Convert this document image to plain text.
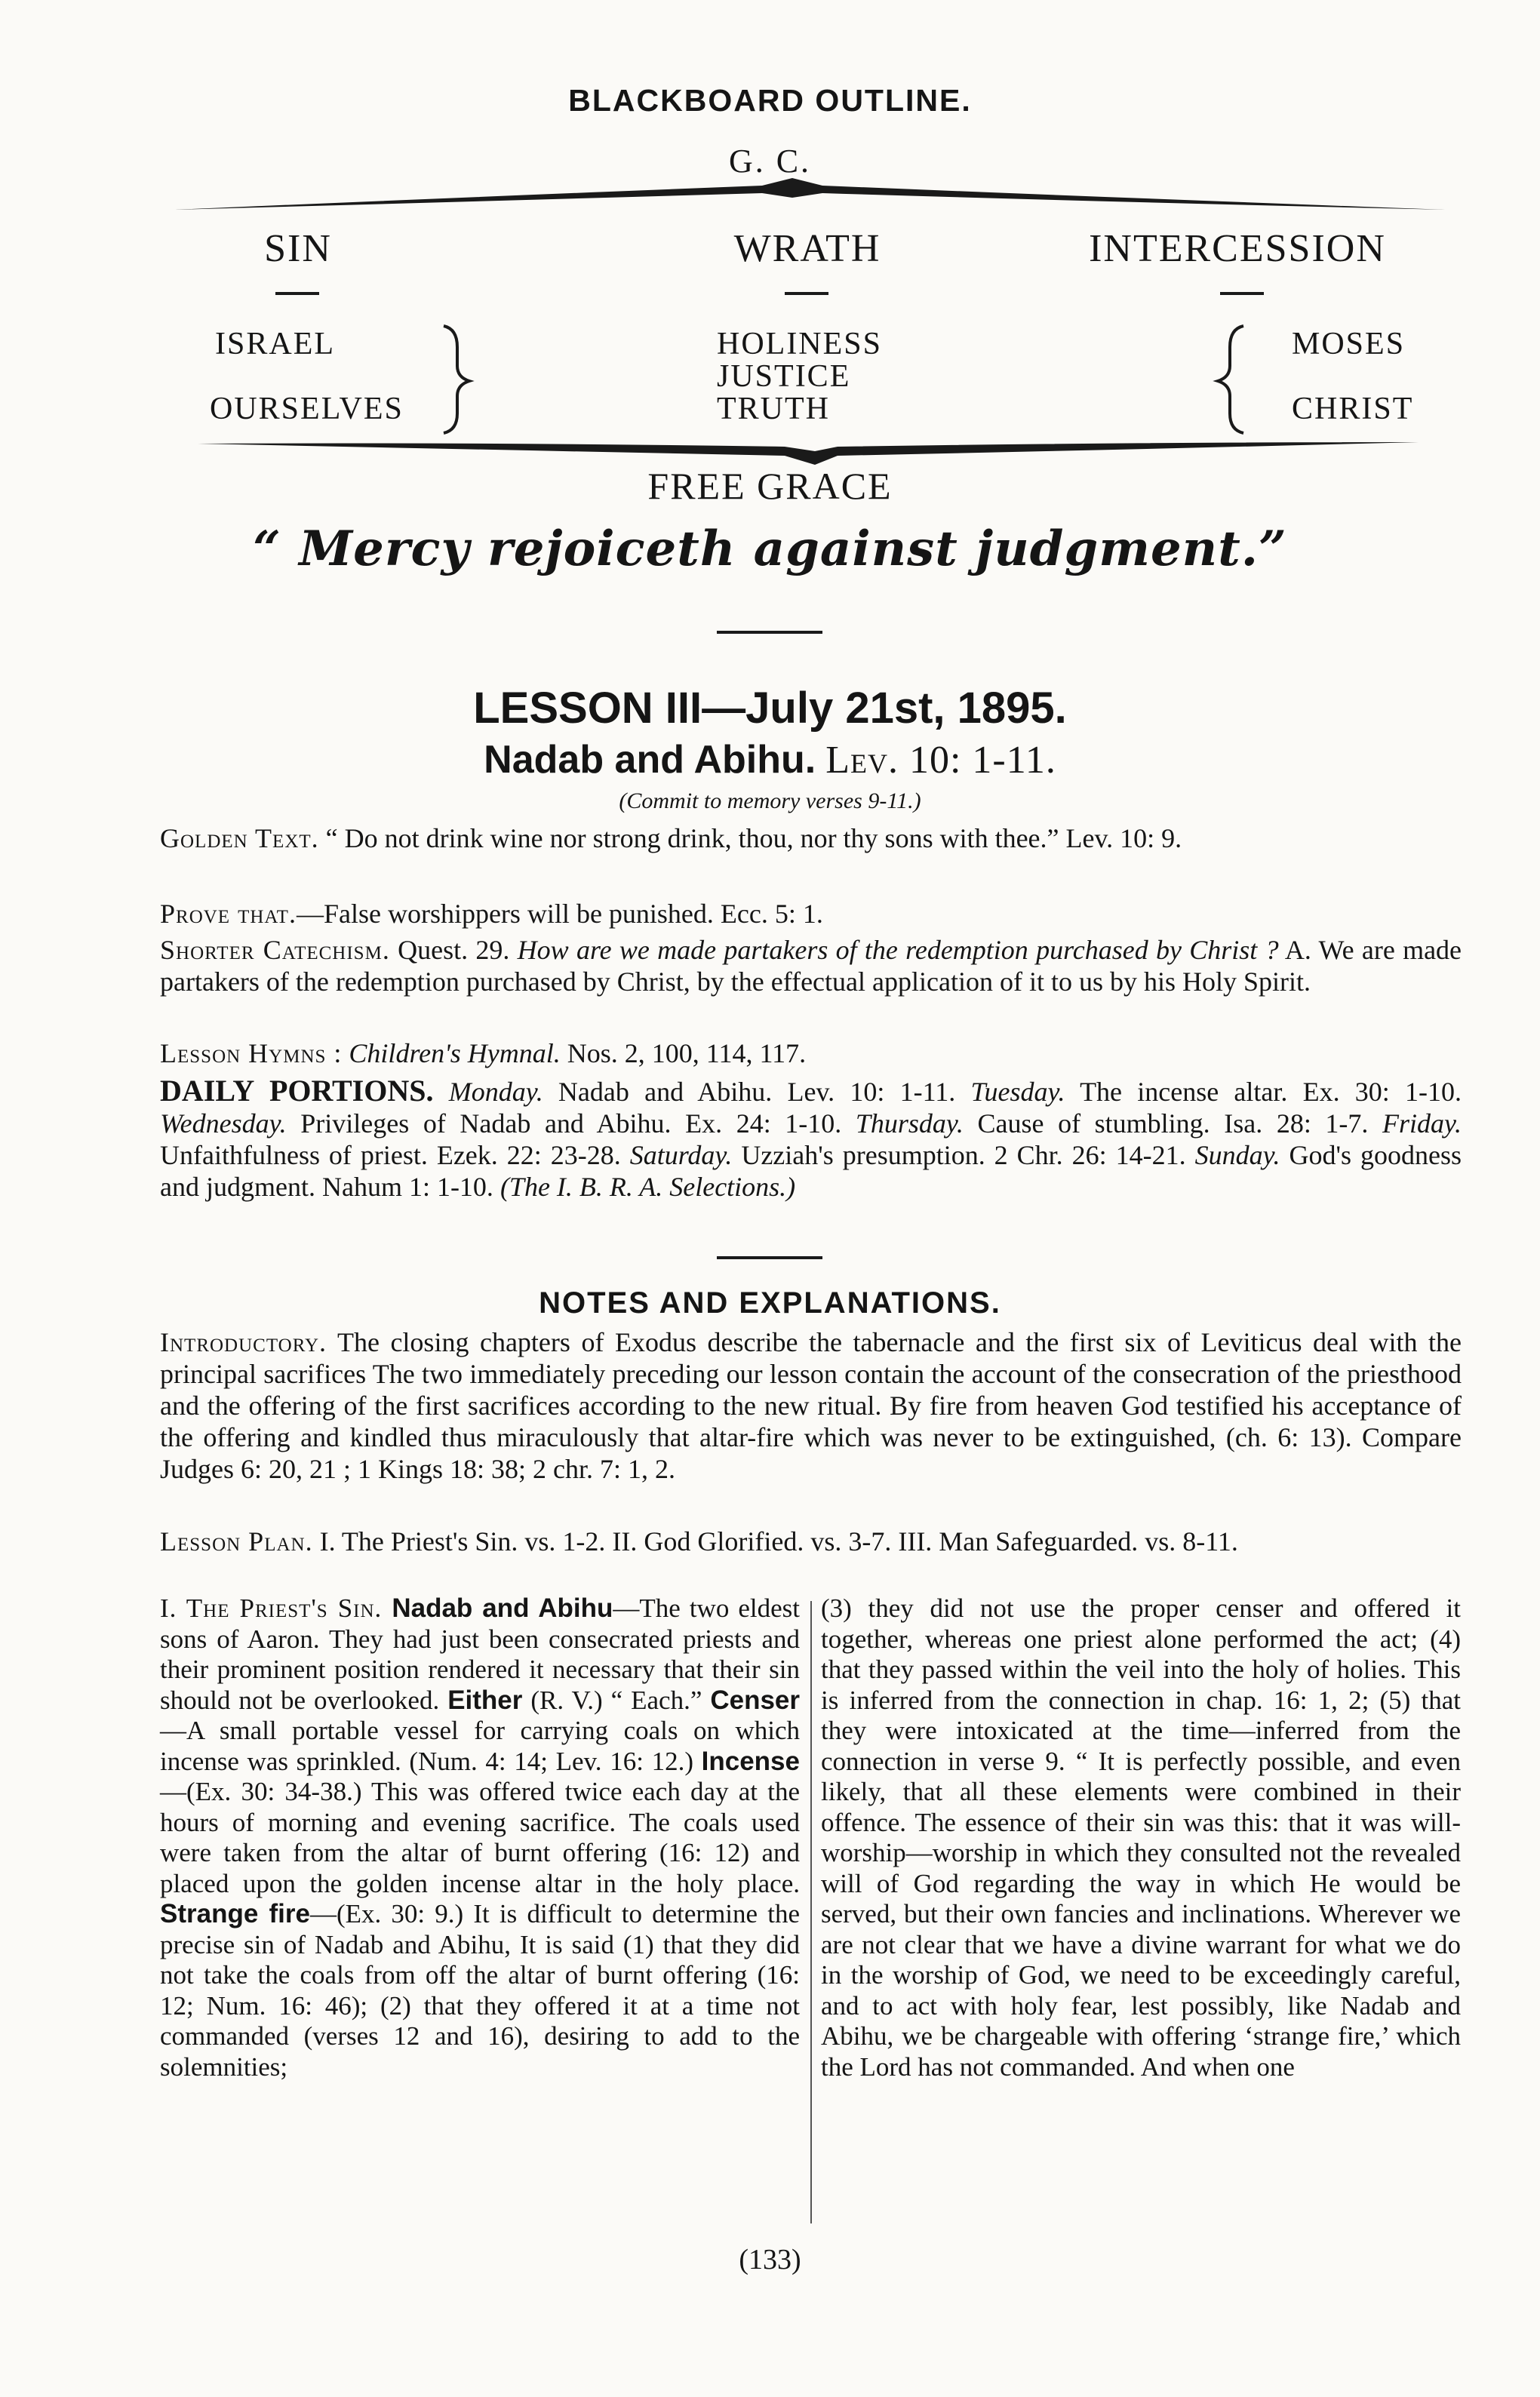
BLACKBOARD OUTLINE.
G. C.
SIN	WRATH	INTERCESSION
ISRAEL
OURSELVES
HOLINESS
JUSTICE
TRUTH
MOSES
CHRIST
FREE GRACE
“ Mercy rejoiceth against judgment.”
LESSON III—July 21st, 1895.
Nadab and Abihu. Lev. 10: 1-11.
(Commit to memory verses 9-11.)
Golden Text. “ Do not drink wine nor strong drink, thou, nor thy sons with thee.” Lev. 10: 9.
Prove that.—False worshippers will be punished. Ecc. 5: 1.
Shorter Catechism. Quest. 29. How are we made partakers of the redemption purchased by Christ ? A. We are made partakers of the redemption purchased by Christ, by the effectual application of it to us by his Holy Spirit.
Lesson Hymns : Children's Hymnal. Nos. 2, 100, 114, 117.
DAILY PORTIONS. Monday. Nadab and Abihu. Lev. 10: 1-11. Tuesday. The incense altar. Ex. 30: 1-10. Wednesday. Privileges of Nadab and Abihu. Ex. 24: 1-10. Thursday. Cause of stumbling. Isa. 28: 1-7. Friday. Unfaithfulness of priest. Ezek. 22: 23-28. Saturday. Uzziah's presumption. 2 Chr. 26: 14-21. Sunday. God's goodness and judgment. Nahum 1: 1-10. (The I. B. R. A. Selections.)
NOTES AND EXPLANATIONS.
Introductory. The closing chapters of Exodus describe the tabernacle and the first six of Leviticus deal with the principal sacrifices The two immediately preceding our lesson contain the account of the consecration of the priesthood and the offering of the first sacrifices according to the new ritual. By fire from heaven God testified his acceptance of the offering and kindled thus miraculously that altar-fire which was never to be extinguished, (ch. 6: 13). Compare Judges 6: 20, 21 ; 1 Kings 18: 38; 2 chr. 7: 1, 2.
Lesson Plan. I. The Priest's Sin. vs. 1-2. II. God Glorified. vs. 3-7. III. Man Safeguarded. vs. 8-11.
I. The Priest's Sin. Nadab and Abihu—The two eldest sons of Aaron. They had just been consecrated priests and their prominent position rendered it necessary that their sin should not be overlooked. Either (R. V.) “ Each.” Censer—A small portable vessel for carrying coals on which incense was sprinkled. (Num. 4: 14; Lev. 16: 12.) Incense—(Ex. 30: 34-38.) This was offered twice each day at the hours of morning and evening sacrifice. The coals used were taken from the altar of burnt offering (16: 12) and placed upon the golden incense altar in the holy place. Strange fire—(Ex. 30: 9.) It is difficult to determine the precise sin of Nadab and Abihu, It is said (1) that they did not take the coals from off the altar of burnt offering (16: 12; Num. 16: 46); (2) that they offered it at a time not commanded (verses 12 and 16), desiring to add to the solemnities;
(3) they did not use the proper censer and offered it together, whereas one priest alone performed the act; (4) that they passed within the veil into the holy of holies. This is inferred from the connection in chap. 16: 1, 2; (5) that they were intoxicated at the time—inferred from the connection in verse 9. “ It is perfectly possible, and even likely, that all these elements were combined in their offence. The essence of their sin was this: that it was will-worship—worship in which they consulted not the revealed will of God regarding the way in which He would be served, but their own fancies and inclinations. Wherever we are not clear that we have a divine warrant for what we do in the worship of God, we need to be exceedingly careful, and to act with holy fear, lest possibly, like Nadab and Abihu, we be chargeable with offering ‘strange fire,’ which the Lord has not commanded. And when one
(133)
